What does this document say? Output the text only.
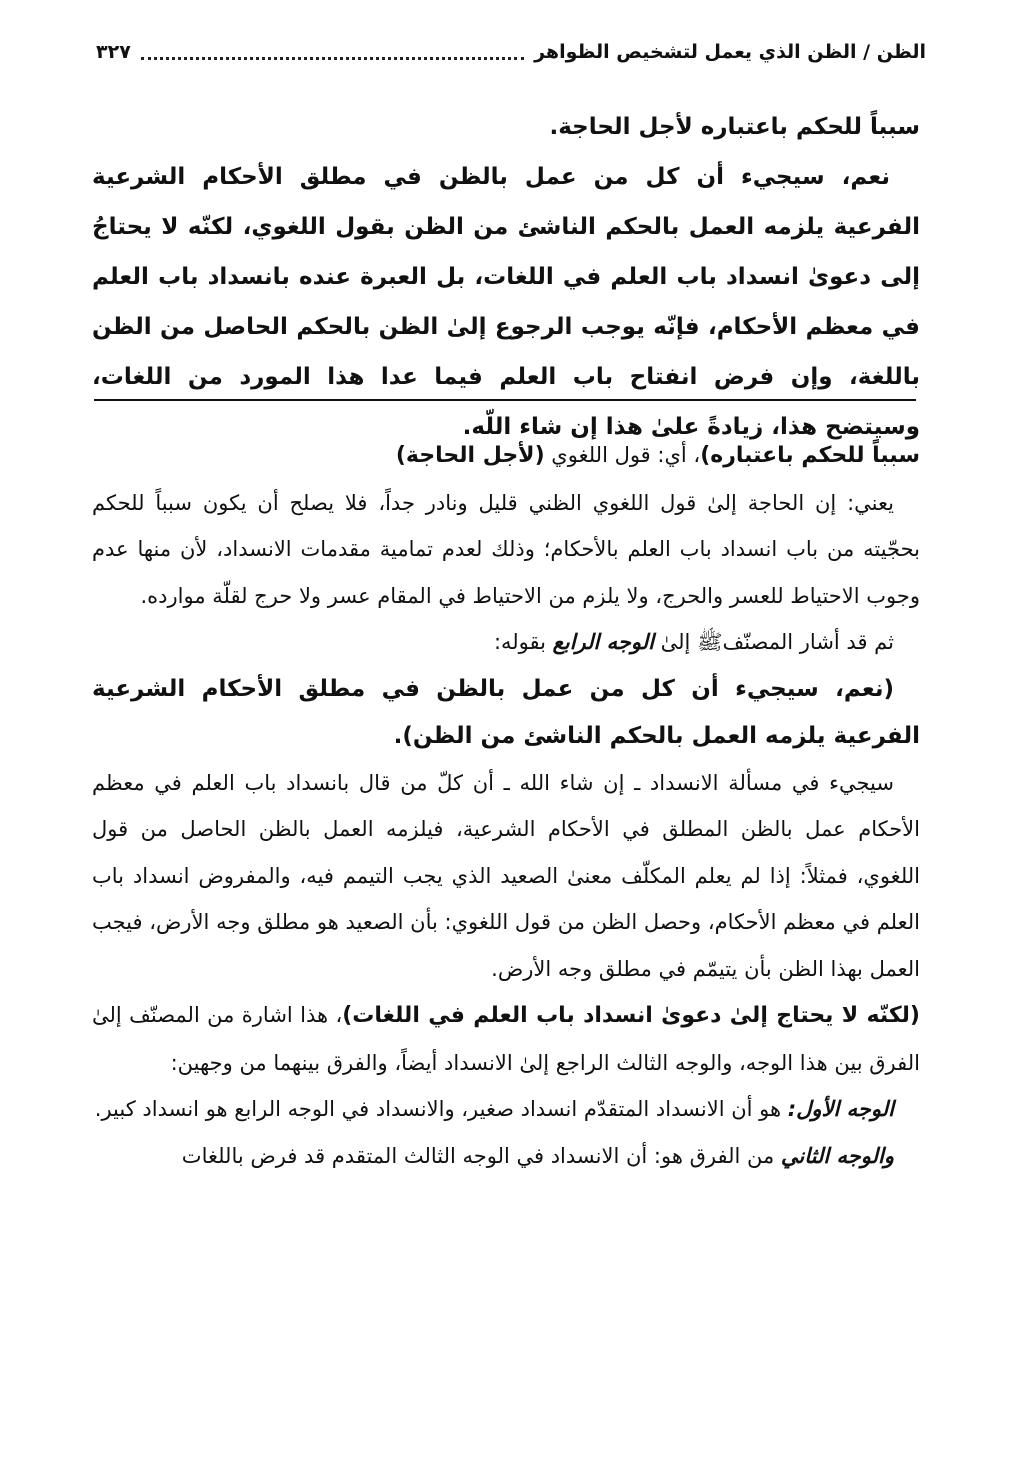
الظن / الظن الذي يعمل لتشخيص الظواهر
٣٢٧

سبباً للحكم باعتباره لأجل الحاجة.

نعم، سيجيء أن كل من عمل بالظن في مطلق الأحكام الشرعية الفرعية يلزمه العمل بالحكم الناشئ من الظن بقول اللغوي، لكنّه لا يحتاجُ إلى دعوىٰ انسداد باب العلم في اللغات، بل العبرة عنده بانسداد باب العلم في معظم الأحكام، فإنّه يوجب الرجوع إلىٰ الظن بالحكم الحاصل من الظن باللغة، وإن فرض انفتاح باب العلم فيما عدا هذا المورد من اللغات، وسيتضح هذا، زيادةً علىٰ هذا إن شاء اللّه.

سبباً للحكم باعتباره)، أي: قول اللغوي (لأجل الحاجة)

يعني: إن الحاجة إلىٰ قول اللغوي الظني قليل ونادر جداً، فلا يصلح أن يكون سبباً للحكم بحجّيته من باب انسداد باب العلم بالأحكام؛ وذلك لعدم تمامية مقدمات الانسداد، لأن منها عدم وجوب الاحتياط للعسر والحرج، ولا يلزم من الاحتياط في المقام عسر ولا حرج لقلّة موارده.

ثم قد أشار المصنّفﷺ إلىٰ الوجه الرابع بقوله:

(نعم، سيجيء أن كل من عمل بالظن في مطلق الأحكام الشرعية الفرعية يلزمه العمل بالحكم الناشئ من الظن).

سيجيء في مسألة الانسداد ـ إن شاء الله ـ أن كلّ من قال بانسداد باب العلم في معظم الأحكام عمل بالظن المطلق في الأحكام الشرعية، فيلزمه العمل بالظن الحاصل من قول اللغوي، فمثلاً: إذا لم يعلم المكلّف معنىٰ الصعيد الذي يجب التيمم فيه، والمفروض انسداد باب العلم في معظم الأحكام، وحصل الظن من قول اللغوي: بأن الصعيد هو مطلق وجه الأرض، فيجب العمل بهذا الظن بأن يتيمّم في مطلق وجه الأرض.

(لكنّه لا يحتاج إلىٰ دعوىٰ انسداد باب العلم في اللغات)، هذا اشارة من المصنّف إلىٰ الفرق بين هذا الوجه، والوجه الثالث الراجع إلىٰ الانسداد أيضاً، والفرق بينهما من وجهين:

الوجه الأول: هو أن الانسداد المتقدّم انسداد صغير، والانسداد في الوجه الرابع هو انسداد كبير.

والوجه الثاني من الفرق هو: أن الانسداد في الوجه الثالث المتقدم قد فرض باللغات
